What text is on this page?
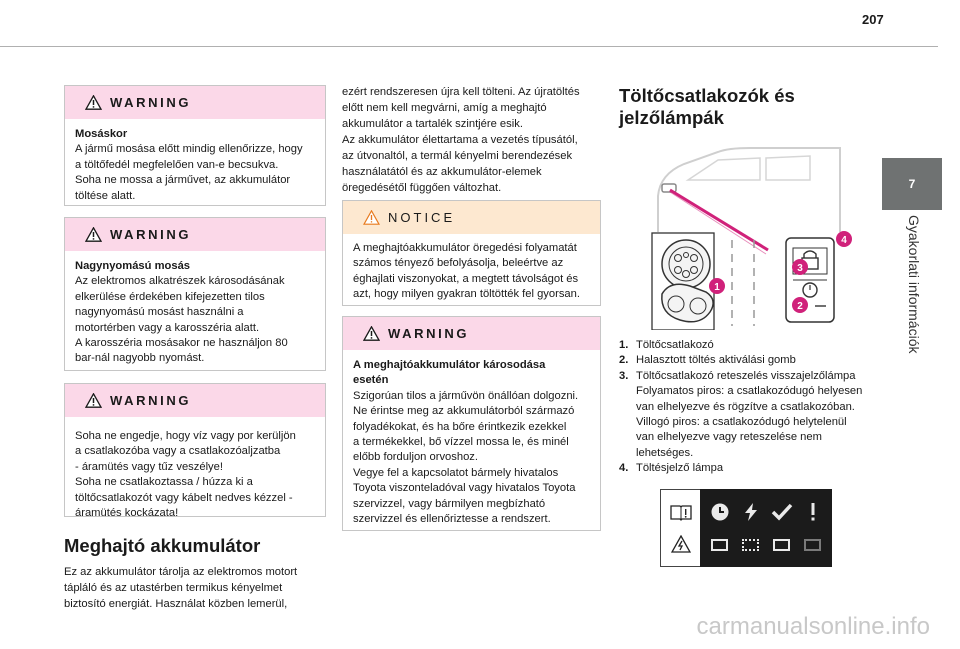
207
7
Gyakorlati információk
WARNING
Mosáskor

A jármű mosása előtt mindig ellenőrizze, hogy
a töltőfedél megfelelően van-e becsukva.
Soha ne mossa a járművet, az akkumulátor
töltése alatt.

WARNING
Nagynyomású mosás

Az elektromos alkatrészek károsodásának
elkerülése érdekében kifejezetten tilos
nagynyomású mosást használni a
motortérben vagy a karosszéria alatt.
A karosszéria mosásakor ne használjon 80
bar-nál nagyobb nyomást.

WARNING

Soha ne engedje, hogy víz vagy por kerüljön
a csatlakozóba vagy a csatlakozóaljzatba
- áramütés vagy tűz veszélye!
Soha ne csatlakoztassa / húzza ki a
töltőcsatlakozót vagy kábelt nedves kézzel -
áramütés kockázata!

Meghajtó akkumulátor
Ez az akkumulátor tárolja az elektromos motort
tápláló és az utastérben termikus kényelmet
biztosító energiát. Használat közben lemerül,
ezért rendszeresen újra kell tölteni. Az újratöltés
előtt nem kell megvárni, amíg a meghajtó
akkumulátor a tartalék szintjére esik.
Az akkumulátor élettartama a vezetés típusától,
az útvonaltól, a termál kényelmi berendezések
használatától és az akkumulátor-elemek
öregedésétől függően változhat.
NOTICE

A meghajtóakkumulátor öregedési folyamatát
számos tényező befolyásolja, beleértve az
éghajlati viszonyokat, a megtett távolságot és
azt, hogy milyen gyakran töltötték fel gyorsan.

WARNING
A meghajtóakkumulátor károsodása
esetén

Szigorúan tilos a járművön önállóan dolgozni.
Ne érintse meg az akkumulátorból származó
folyadékokat, és ha bőre érintkezik ezekkel
a termékekkel, bő vízzel mossa le, és minél
előbb forduljon orvoshoz.
Vegye fel a kapcsolatot bármely hivatalos
Toyota viszonteladóval vagy hivatalos Toyota
szervizzel, vagy bármilyen megbízható
szervizzel és ellenőriztesse a rendszert.

Töltőcsatlakozók és
jelzőlámpák
1
2
3
4
1. Töltőcsatlakozó
2. Halasztott töltés aktiválási gomb
3. Töltőcsatlakozó reteszelés visszajelzőlámpa
Folyamatos piros: a csatlakozódugó helyesen
van elhelyezve és rögzítve a csatlakozóban.
Villogó piros: a csatlakozódugó helytelenül
van elhelyezve vagy reteszelése nem
lehetséges.
4. Töltésjelző lámpa
carmanualsonline.info
